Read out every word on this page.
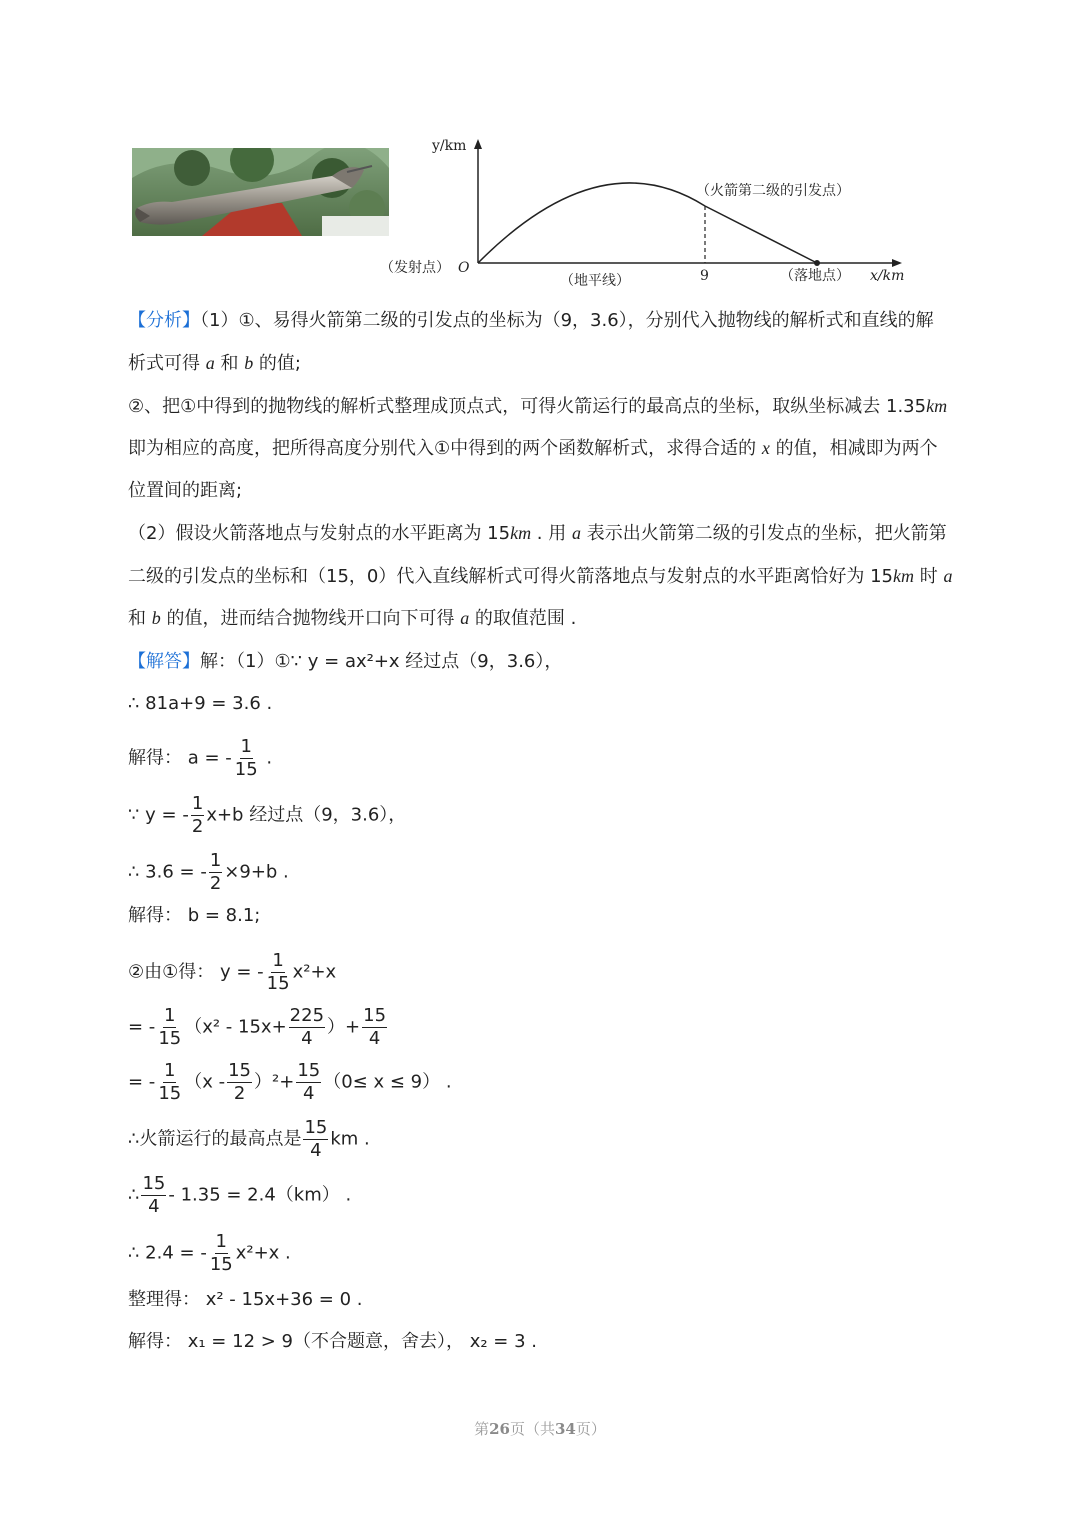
y/km
x/km
O
（发射点）
（地平线）	9
（火箭第二级的引发点）
（落地点）
【分析】（1）①、易得火箭第二级的引发点的坐标为（9，3.6），分别代入抛物线的解析式和直线的解
析式可得 a 和 b 的值;
②、把①中得到的抛物线的解析式整理成顶点式，可得火箭运行的最高点的坐标，取纵坐标减去 1.35km
即为相应的高度，把所得高度分别代入①中得到的两个函数解析式，求得合适的 x 的值，相减即为两个
位置间的距离;
（2）假设火箭落地点与发射点的水平距离为 15km . 用 a 表示出火箭第二级的引发点的坐标，把火箭第
二级的引发点的坐标和（15，0）代入直线解析式可得火箭落地点与发射点的水平距离恰好为 15km 时 a
和 b 的值，进而结合抛物线开口向下可得 a 的取值范围 .
【解答】解：（1）①∵ y = ax²+x 经过点（9，3.6），
∴ 81a+9 = 3.6 .
解得： a = - $\frac{1}{15}$ .
∵ y = - $\frac{1}{2} x+b$ 经过点（9，3.6），
∴ 3.6 = - $\frac{1}{2} \times 9+b$ .
解得： b = 8.1;
②由①得： y = - $\frac{1}{15} x^2+x$
= - $\frac{1}{15} (x^2 - 15x+ \frac{225}{4}$ ）+ $\frac{15}{4}$
= - $\frac{1}{15} (x - \frac{15}{2} )^2+ \frac{15}{4} (0\le x \le 9)$ .
∴火箭运行的最高点是 $\frac{15}{4}$ km .
∴ $\frac{15}{4} - 1.35 = 2.4(km)$ .
∴ 2.4 = - $\frac{1}{15} x^2+x$ .
整理得： x² - 15x+36 = 0 .
解得： x₁ = 12 > 9（不合题意，舍去）， x₂ = 3 .
第26页（共34页）
